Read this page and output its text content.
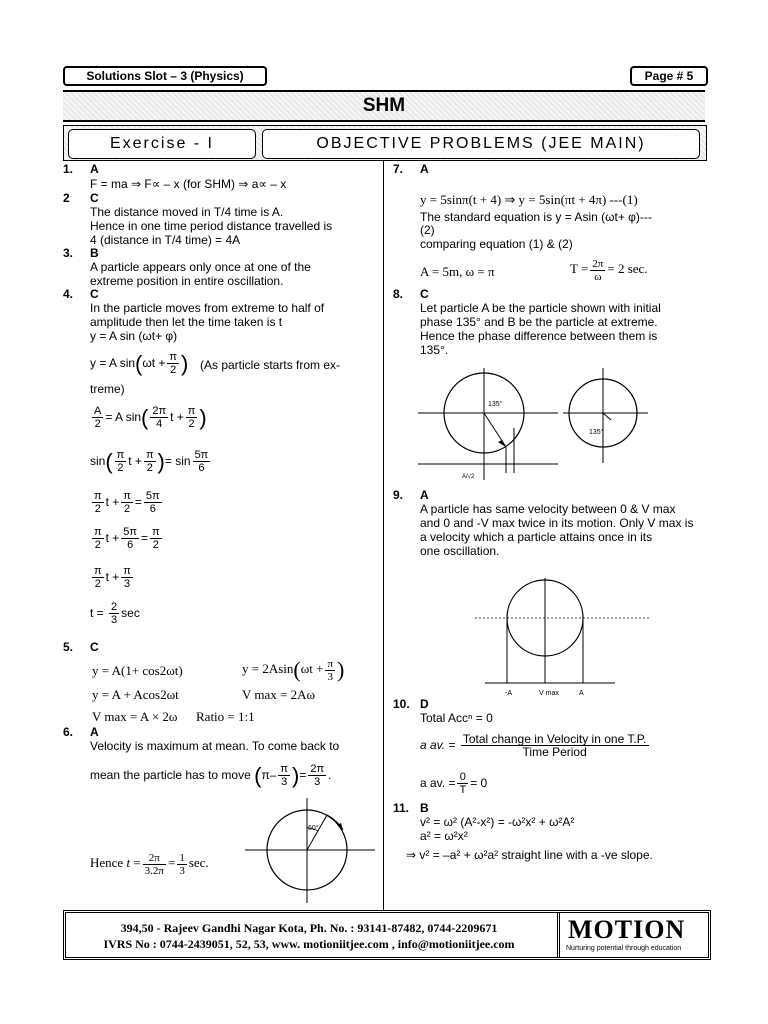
Solutions Slot – 3 (Physics)	Page # 5
SHM
Exercise - I	OBJECTIVE PROBLEMS (JEE MAIN)
1. A
F = ma ⇒ F∝ – x (for SHM) ⇒ a∝ – x
2 C
The distance moved in T/4 time is A.
Hence in one time period distance travelled is
4 (distance in T/4 time) = 4A
3. B
A particle appears only once at one of the
extreme position in entire oscillation.
4. C
In the particle moves from extreme to half of
amplitude then let the time taken is t
y = A sin (ωt+ φ)
y = A $\sin(\omega t + \frac{\pi}{2}$ ) (As particle starts from ex-
treme)
$\frac{A}{2} = A$ $\sin( \frac{2\pi}{4}$ $t + \frac{\pi}{2}$ )
$\sin( \frac{\pi}{2}$ $t + \frac{\pi}{2}$ )= $\sin \frac{5\pi}{6}$
$\frac{\pi}{2}$ $t + \frac{\pi}{2} = \frac{5\pi}{6}$
$\frac{\pi}{2}$ $t + \frac{5\pi}{6} = \frac{\pi}{2}$
$\frac{\pi}{2}$ $t + \frac{\pi}{3}$
$t = \frac{2}{3}$ sec
5. C
y = A(1+ cos2ωt)	$y = 2Asin(\omega t + \frac{\pi}{3}$ )
y = A + Acos2ωt	V max = 2Aω
V max = A × 2ω Ratio = 1:1
6. A
Velocity is maximum at mean. To come back to
mean the particle has to move ($\pi- \frac{\pi}{3}$ )= $\frac{2\pi}{3}$ .
Hence $t = \frac{2\pi}{3.2\pi} = \frac{1}{3} \sec$.
60°
7. A
y = 5sinπ(t + 4) ⇒ y = 5sin(πt + 4π) ---(1)
The standard equation is y = Asin (ωt+ φ)---
(2)
comparing equation (1) & (2)
A = 5m, ω = π	$T = \frac{2\pi}{\omega} = 2$ sec.
8. C
Let particle A be the particle shown with initial
phase 135° and B be the particle at extreme.
Hence the phase difference between them is
135°.
135°
A/√2
135°
9. A
A particle has same velocity between 0 & V max
and 0 and -V max twice in its motion. Only V max is
a velocity which a particle attains once in its
one oscillation.
-A	V max	A
10. D
Total Accⁿ = 0
a av. = $\frac{\text{Total change in Velocity in one T.P.}}{\text{Time Period}}$
a av. = $\frac{0}{T} = 0$
11. B
v² = ω² (A²-x²) = -ω²x² + ω²A²
a² = ω²x²
⇒ v² = –a² + ω²a² straight line with a -ve slope.
394,50 - Rajeev Gandhi Nagar Kota, Ph. No. : 93141-87482, 0744-2209671
IVRS No : 0744-2439051, 52, 53, www. motioniitjee.com , info@motioniitjee.com	MOTION
Nurturing potential through education
